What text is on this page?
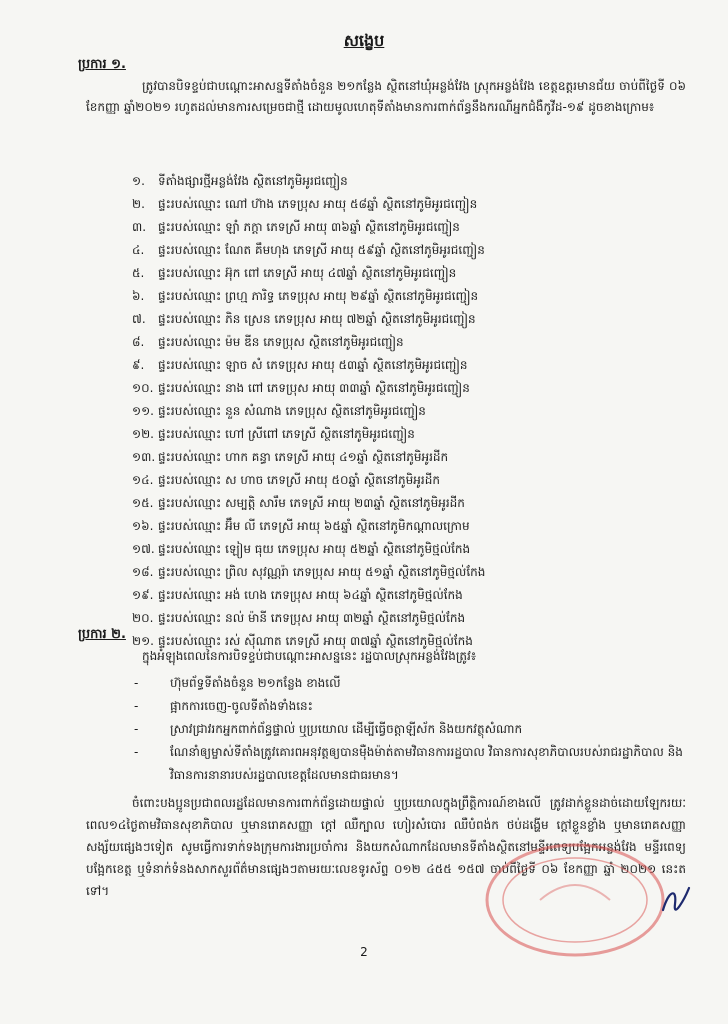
សង្ខេប
ប្រការ ១.
ត្រូវបានបិទខ្ទប់ជាបណ្តោះអាសន្នទីតាំងចំនួន ២១កន្លែង ស្ថិតនៅឃុំអន្លង់វែង ស្រុកអន្លង់វែង ខេត្តឧត្តរមានជ័យ ចាប់ពីថ្ងៃទី ០៦ ខែកញ្ញា ឆ្នាំ២០២១ រហូតដល់មានការសម្រេចជាថ្មី ដោយមូលហេតុទីតាំងមានការពាក់ព័ន្ធនឹងករណីអ្នកជំងឺកូវីដ-១៩ ដូចខាងក្រោម៖
១. ទីតាំងផ្សារថ្មីអន្លង់វែង ស្ថិតនៅភូមិអូរជញ្ជៀន
២. ផ្ទះរបស់ឈ្មោះ ណៅ ហ៊ាង ភេទប្រុស អាយុ ៥៨ឆ្នាំ ស្ថិតនៅភូមិអូរជញ្ជៀន
៣. ផ្ទះរបស់ឈ្មោះ ឡាំ ភក្តា ភេទស្រី អាយុ ៣៦ឆ្នាំ ស្ថិតនៅភូមិអូរជញ្ជៀន
៤. ផ្ទះរបស់ឈ្មោះ ណែត គឹមហុង ភេទស្រី អាយុ ៥៩ឆ្នាំ ស្ថិតនៅភូមិអូរជញ្ជៀន
៥. ផ្ទះរបស់ឈ្មោះ អ៊ុក ពៅ ភេទស្រី អាយុ ៤៧ឆ្នាំ ស្ថិតនៅភូមិអូរជញ្ជៀន
៦. ផ្ទះរបស់ឈ្មោះ ព្រហ្ម ភារិទ្ធ ភេទប្រុស អាយុ ២៩ឆ្នាំ ស្ថិតនៅភូមិអូរជញ្ជៀន
៧. ផ្ទះរបស់ឈ្មោះ ភិន ស្រេន ភេទប្រុស អាយុ ៧២ឆ្នាំ ស្ថិតនៅភូមិអូរជញ្ជៀន
៨. ផ្ទះរបស់ឈ្មោះ ម៉ម ឌីន ភេទប្រុស ស្ថិតនៅភូមិអូរជញ្ជៀន
៩. ផ្ទះរបស់ឈ្មោះ ឡាច សំ ភេទប្រុស អាយុ ៥៣ឆ្នាំ ស្ថិតនៅភូមិអូរជញ្ជៀន
១០. ផ្ទះរបស់ឈ្មោះ នាង ពៅ ភេទប្រុស អាយុ ៣៣ឆ្នាំ ស្ថិតនៅភូមិអូរជញ្ជៀន
១១. ផ្ទះរបស់ឈ្មោះ នួន សំណាង ភេទប្រុស ស្ថិតនៅភូមិអូរជញ្ជៀន
១២. ផ្ទះរបស់ឈ្មោះ ហៅ ស្រីពៅ ភេទស្រី ស្ថិតនៅភូមិអូរជញ្ជៀន
១៣. ផ្ទះរបស់ឈ្មោះ ហាក គន្ធា ភេទស្រី អាយុ ៤១ឆ្នាំ ស្ថិតនៅភូមិអូរដីក
១៤. ផ្ទះរបស់ឈ្មោះ ស ហាច ភេទស្រី អាយុ ៥០ឆ្នាំ ស្ថិតនៅភូមិអូរដីក
១៥. ផ្ទះរបស់ឈ្មោះ សម្បត្តិ សារឹម ភេទស្រី អាយុ ២៣ឆ្នាំ ស្ថិតនៅភូមិអូរដីក
១៦. ផ្ទះរបស់ឈ្មោះ អ៊ឹម លី ភេទស្រី អាយុ ៦៥ឆ្នាំ ស្ថិតនៅភូមិកណ្តាលក្រោម
១៧. ផ្ទះរបស់ឈ្មោះ ឡៀម ធុយ ភេទប្រុស អាយុ ៥២ឆ្នាំ ស្ថិតនៅភូមិថ្មល់កែង
១៨. ផ្ទះរបស់ឈ្មោះ ព្រិល សុវណ្ណរ៉ា ភេទប្រុស អាយុ ៥១ឆ្នាំ ស្ថិតនៅភូមិថ្មល់កែង
១៩. ផ្ទះរបស់ឈ្មោះ អង់ ហេង ភេទប្រុស អាយុ ៦៤ឆ្នាំ ស្ថិតនៅភូមិថ្មល់កែង
២០. ផ្ទះរបស់ឈ្មោះ នល់ ម៉ានី ភេទប្រុស អាយុ ៣២ឆ្នាំ ស្ថិតនៅភូមិថ្មល់កែង
២១. ផ្ទះរបស់ឈ្មោះ រស់ ស៊ីណាត ភេទស្រី អាយុ ៣៧ឆ្នាំ ស្ថិតនៅភូមិថ្មល់កែង
ប្រការ ២.
ក្នុងអំឡុងពេលនៃការបិទខ្ទប់ជាបណ្តោះអាសន្ននេះ រដ្ឋបាលស្រុកអន្លង់វែងត្រូវ៖
-	ហ៊ុមព័ទ្ធទីតាំងចំនួន ២១កន្លែង ខាងលើ
-	ផ្អាកការចេញ-ចូលទីតាំងទាំងនេះ
-	ស្រាវជ្រាវរកអ្នកពាក់ព័ន្ធផ្ទាល់ ឬប្រយោល ដើម្បីធ្វើចត្តាឡីស័ក និងយកវត្ថុសំណាក
-	ណែនាំឲ្យម្ចាស់ទីតាំងត្រូវគោរពអនុវត្តឲ្យបានម៉ឺងម៉ាត់តាមវិធានការរដ្ឋបាល វិធានការសុខាភិបាលរបស់រាជរដ្ឋាភិបាល និងវិធានការនានារបស់រដ្ឋបាលខេត្តដែលមានជាធរមាន។
ចំពោះបងប្អូនប្រជាពលរដ្ឋដែលមានការពាក់ព័ន្ធដោយផ្ទាល់ ឬប្រយោលក្នុងព្រឹត្តិការណ៍ខាងលើ ត្រូវដាក់ខ្លួនដាច់ដោយឡែករយៈពេល១៤ថ្ងៃតាមវិធានសុខាភិបាល ឬមានរោគសញ្ញា ក្តៅ ឈឺក្បាល ហៀរសំបោរ ឈឺបំពង់ក ថប់ដង្ហើម ក្តៅខ្លួនខ្លាំង ឬមានរោគសញ្ញាសង្ស័យផ្សេងៗទៀត សូមធ្វើការទាក់ទងក្រុមការងារប្រចាំការ និងយកសំណាកដែលមានទីតាំងស្ថិតនៅមន្ទីរពេទ្យបង្អែកអន្លង់វែង មន្ទីរពេទ្យបង្អែកខេត្ត ឬទំនាក់ទំនងសាកសួរព័ត៌មានផ្សេងៗតាមរយៈលេខទូរស័ព្ទ ០១២ ៤៥៥ ១៥៧ ចាប់ពីថ្ងៃទី ០៦ ខែកញ្ញា ឆ្នាំ ២០២១ នេះតទៅ។
2
